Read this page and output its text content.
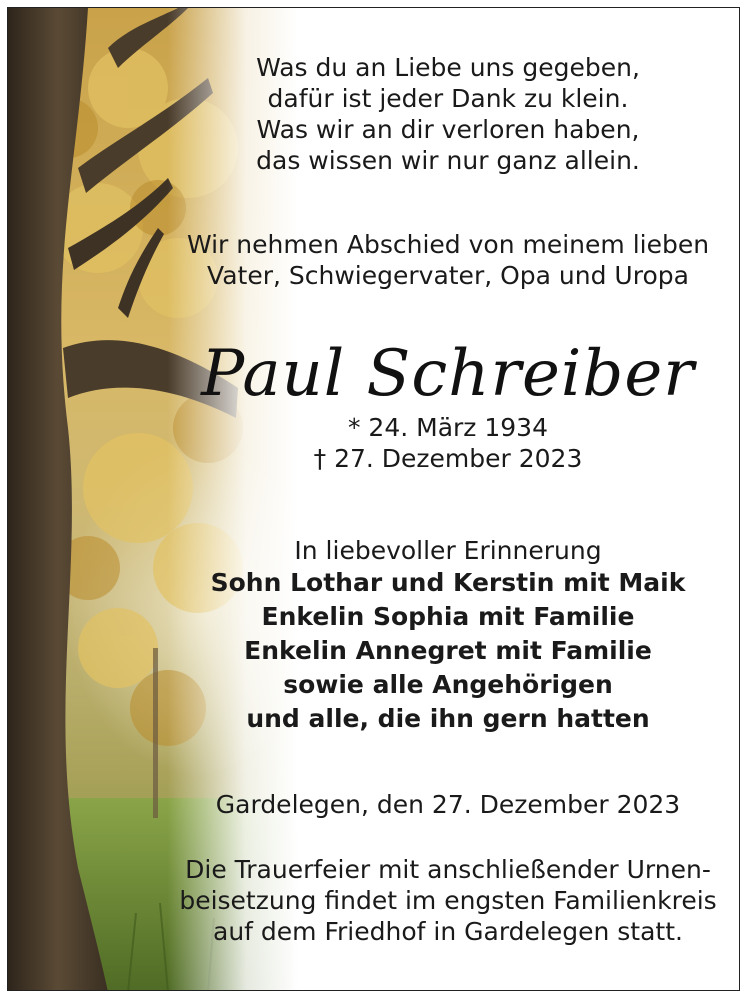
Was du an Liebe uns gegeben,
dafür ist jeder Dank zu klein.
Was wir an dir verloren haben,
das wissen wir nur ganz allein.
Wir nehmen Abschied von meinem lieben
Vater, Schwiegervater, Opa und Uropa
Paul Schreiber
* 24. März 1934
† 27. Dezember 2023
In liebevoller Erinnerung
Sohn Lothar und Kerstin mit Maik
Enkelin Sophia mit Familie
Enkelin Annegret mit Familie
sowie alle Angehörigen
und alle, die ihn gern hatten
Gardelegen, den 27. Dezember 2023
Die Trauerfeier mit anschließender Urnen-
beisetzung findet im engsten Familienkreis
auf dem Friedhof in Gardelegen statt.
